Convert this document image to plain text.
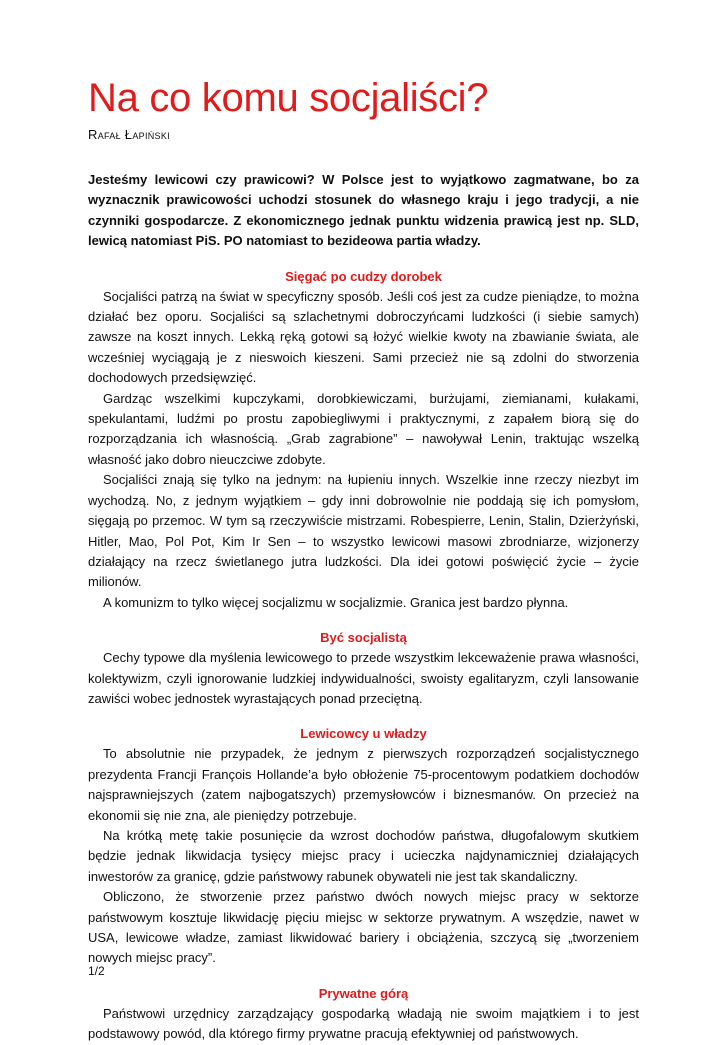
Na co komu socjaliści?
Rafał Łapiński

Jesteśmy lewicowi czy prawicowi? W Polsce jest to wyjątkowo zagmatwane, bo za wyznacznik prawicowości uchodzi stosunek do własnego kraju i jego tradycji, a nie czynniki gospodarcze. Z ekonomicznego jednak punktu widzenia prawicą jest np. SLD, lewicą natomiast PiS. PO natomiast to bezideowa partia władzy.

Sięgać po cudzy dorobek

Socjaliści patrzą na świat w specyficzny sposób. Jeśli coś jest za cudze pieniądze, to można działać bez oporu. Socjaliści są szlachetnymi dobroczyńcami ludzkości (i siebie samych) zawsze na koszt innych. Lekką ręką gotowi są łożyć wielkie kwoty na zbawianie świata, ale wcześniej wyciągają je z nieswoich kieszeni. Sami przecież nie są zdolni do stworzenia dochodowych przedsięwzięć.

Gardząc wszelkimi kupczykami, dorobkiewiczami, burżujami, ziemianami, kułakami, spekulantami, ludźmi po prostu zapobiegliwymi i praktycznymi, z zapałem biorą się do rozporządzania ich własnością. „Grab zagrabione” – nawoływał Lenin, traktując wszelką własność jako dobro nieuczciwe zdobyte.

Socjaliści znają się tylko na jednym: na łupieniu innych. Wszelkie inne rzeczy niezbyt im wychodzą. No, z jednym wyjątkiem – gdy inni dobrowolnie nie poddają się ich pomysłom, sięgają po przemoc. W tym są rzeczywiście mistrzami. Robespierre, Lenin, Stalin, Dzierżyński, Hitler, Mao, Pol Pot, Kim Ir Sen – to wszystko lewicowi masowi zbrodniarze, wizjonerzy działający na rzecz świetlanego jutra ludzkości. Dla idei gotowi poświęcić życie – życie milionów.

A komunizm to tylko więcej socjalizmu w socjalizmie. Granica jest bardzo płynna.

Być socjalistą

Cechy typowe dla myślenia lewicowego to przede wszystkim lekceważenie prawa własności, kolektywizm, czyli ignorowanie ludzkiej indywidualności, swoisty egalitaryzm, czyli lansowanie zawiści wobec jednostek wyrastających ponad przeciętną.

Lewicowcy u władzy

To absolutnie nie przypadek, że jednym z pierwszych rozporządzeń socjalistycznego prezydenta Francji François Hollande’a było obłożenie 75-procentowym podatkiem dochodów najsprawniejszych (zatem najbogatszych) przemysłowców i biznesmanów. On przecież na ekonomii się nie zna, ale pieniędzy potrzebuje.

Na krótką metę takie posunięcie da wzrost dochodów państwa, długofalowym skutkiem będzie jednak likwidacja tysięcy miejsc pracy i ucieczka najdynamiczniej działających inwestorów za granicę, gdzie państwowy rabunek obywateli nie jest tak skandaliczny.

Obliczono, że stworzenie przez państwo dwóch nowych miejsc pracy w sektorze państwowym kosztuje likwidację pięciu miejsc w sektorze prywatnym. A wszędzie, nawet w USA, lewicowe władze, zamiast likwidować bariery i obciążenia, szczycą się „tworzeniem nowych miejsc pracy”.

Prywatne górą

Państwowi urzędnicy zarządzający gospodarką władają nie swoim majątkiem i to jest podstawowy powód, dla którego firmy prywatne pracują efektywniej od państwowych.

1/2
